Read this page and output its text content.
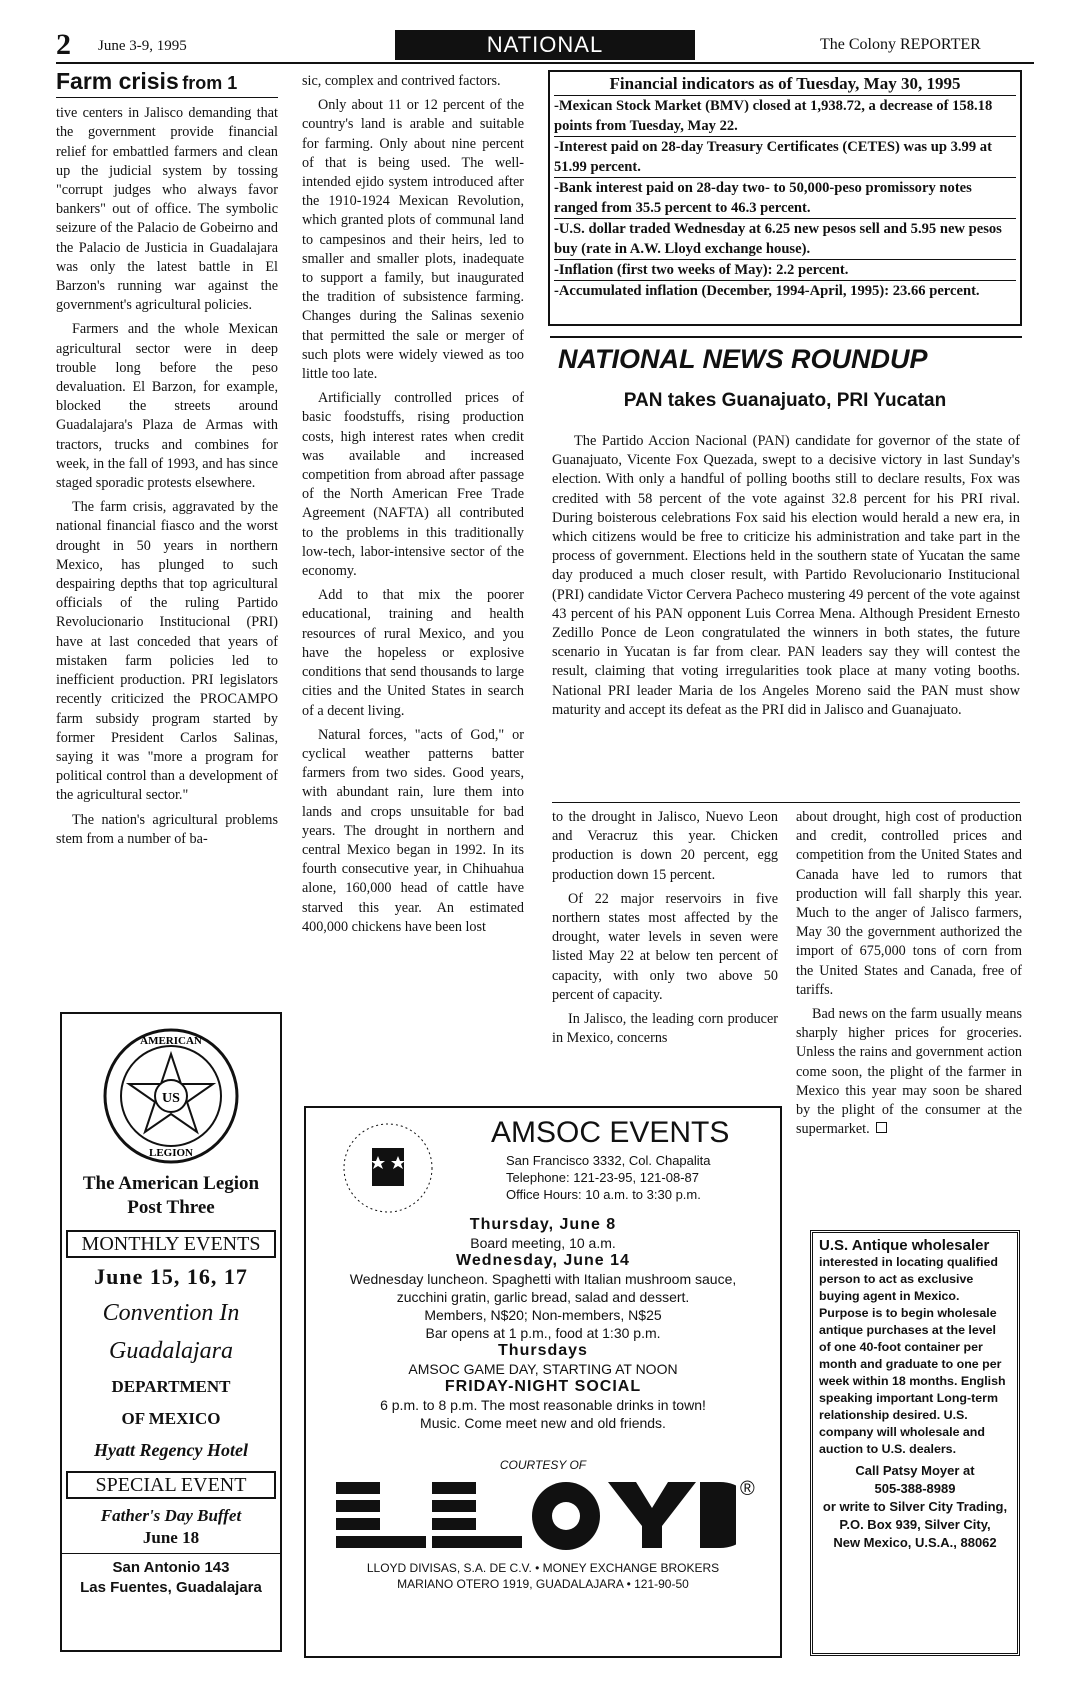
2 June 3-9, 1995	NATIONAL	The Colony REPORTER
Farm crisis from 1

tive centers in Jalisco demanding that the government provide financial relief for embattled farmers and clean up the judicial system by tossing "corrupt judges who always favor bankers" out of office. The symbolic seizure of the Palacio de Gobeirno and the Palacio de Justicia in Guadalajara was only the latest battle in El Barzon's running war against the government's agricultural policies.

Farmers and the whole Mexican agricultural sector were in deep trouble long before the peso devaluation. El Barzon, for example, blocked the streets around Guadalajara's Plaza de Armas with tractors, trucks and combines for week, in the fall of 1993, and has since staged sporadic protests elsewhere.

The farm crisis, aggravated by the national financial fiasco and the worst drought in 50 years in northern Mexico, has plunged to such despairing depths that top agricultural officials of the ruling Partido Revolucionario Institucional (PRI) have at last conceded that years of mistaken farm policies led to inefficient production. PRI legislators recently criticized the PROCAMPO farm subsidy program started by former President Carlos Salinas, saying it was "more a program for political control than a development of the agricultural sector."

The nation's agricultural problems stem from a number of ba-

sic, complex and contrived factors.

Only about 11 or 12 percent of the country's land is arable and suitable for farming. Only about nine percent of that is being used. The well-intended ejido system introduced after the 1910-1924 Mexican Revolution, which granted plots of communal land to campesinos and their heirs, led to smaller and smaller plots, inadequate to support a family, but inaugurated the tradition of subsistence farming. Changes during the Salinas sexenio that permitted the sale or merger of such plots were widely viewed as too little too late.

Artificially controlled prices of basic foodstuffs, rising production costs, high interest rates when credit was available and increased competition from abroad after passage of the North American Free Trade Agreement (NAFTA) all contributed to the problems in this traditionally low-tech, labor-intensive sector of the economy.

Add to that mix the poorer educational, training and health resources of rural Mexico, and you have the hopeless or explosive conditions that send thousands to large cities and the United States in search of a decent living.

Natural forces, "acts of God," or cyclical weather patterns batter farmers from two sides. Good years, with abundant rain, lure them into lands and crops unsuitable for bad years. The drought in northern and central Mexico began in 1992. In its fourth consecutive year, in Chihuahua alone, 160,000 head of cattle have starved this year. An estimated 400,000 chickens have been lost

Financial indicators as of Tuesday, May 30, 1995
-Mexican Stock Market (BMV) closed at 1,938.72, a decrease of 158.18 points from Tuesday, May 22.
-Interest paid on 28-day Treasury Certificates (CETES) was up 3.99 at 51.99 percent.
-Bank interest paid on 28-day two- to 50,000-peso promissory notes ranged from 35.5 percent to 46.3 percent.
-U.S. dollar traded Wednesday at 6.25 new pesos sell and 5.95 new pesos buy (rate in A.W. Lloyd exchange house).
-Inflation (first two weeks of May): 2.2 percent.
-Accumulated inflation (December, 1994-April, 1995): 23.66 percent.
NATIONAL NEWS ROUNDUP
PAN takes Guanajuato, PRI Yucatan

The Partido Accion Nacional (PAN) candidate for governor of the state of Guanajuato, Vicente Fox Quezada, swept to a decisive victory in last Sunday's election. With only a handful of polling booths still to declare results, Fox was credited with 58 percent of the vote against 32.8 percent for his PRI rival. During boisterous celebrations Fox said his election would herald a new era, in which citizens would be free to criticize his administration and take part in the process of government. Elections held in the southern state of Yucatan the same day produced a much closer result, with Partido Revolucionario Institucional (PRI) candidate Victor Cervera Pacheco mustering 49 percent of the vote against 43 percent of his PAN opponent Luis Correa Mena. Although President Ernesto Zedillo Ponce de Leon congratulated the winners in both states, the future scenario in Yucatan is far from clear. PAN leaders say they will contest the result, claiming that voting irregularities took place at many voting booths. National PRI leader Maria de los Angeles Moreno said the PAN must show maturity and accept its defeat as the PRI did in Jalisco and Guanajuato.

to the drought in Jalisco, Nuevo Leon and Veracruz this year. Chicken production is down 20 percent, egg production down 15 percent.

Of 22 major reservoirs in five northern states most affected by the drought, water levels in seven were listed May 22 at below ten percent of capacity, with only two above 50 percent of capacity.

In Jalisco, the leading corn producer in Mexico, concerns

about drought, high cost of production and credit, controlled prices and competition from the United States and Canada have led to rumors that production will fall sharply this year. Much to the anger of Jalisco farmers, May 30 the government authorized the import of 675,000 tons of corn from the United States and Canada, free of tariffs.

Bad news on the farm usually means sharply higher prices for groceries. Unless the rains and government action come soon, the plight of the farmer in Mexico this year may soon be shared by the plight of the consumer at the supermarket.

US
AMERICAN
LEGION
The American Legion
Post Three
MONTHLY EVENTS
June 15, 16, 17
Convention In
Guadalajara
DEPARTMENT
OF MEXICO
Hyatt Regency Hotel
SPECIAL EVENT
Father's Day Buffet
June 18
San Antonio 143
Las Fuentes, Guadalajara
AMSOC EVENTS
San Francisco 3332, Col. Chapalita
Telephone: 121-23-95, 121-08-87
Office Hours: 10 a.m. to 3:30 p.m.
Thursday, June 8
Board meeting, 10 a.m.
Wednesday, June 14
Wednesday luncheon. Spaghetti with Italian mushroom sauce,
zucchini gratin, garlic bread, salad and dessert.
Members, N$20; Non-members, N$25
Bar opens at 1 p.m., food at 1:30 p.m.
Thursdays
AMSOC GAME DAY, STARTING AT NOON
FRIDAY-NIGHT SOCIAL
6 p.m. to 8 p.m. The most reasonable drinks in town!
Music. Come meet new and old friends.
COURTESY OF
®
LLOYD DIVISAS, S.A. DE C.V. • MONEY EXCHANGE BROKERS
MARIANO OTERO 1919, GUADALAJARA • 121-90-50
U.S. Antique wholesaler
interested in locating qualified person to act as exclusive buying agent in Mexico. Purpose is to begin wholesale antique purchases at the level of one 40-foot container per month and graduate to one per week within 18 months. English speaking important Long-term relationship desired. U.S. company will wholesale and auction to U.S. dealers.
Call Patsy Moyer at
505-388-8989
or write to Silver City Trading,
P.O. Box 939, Silver City,
New Mexico, U.S.A., 88062
